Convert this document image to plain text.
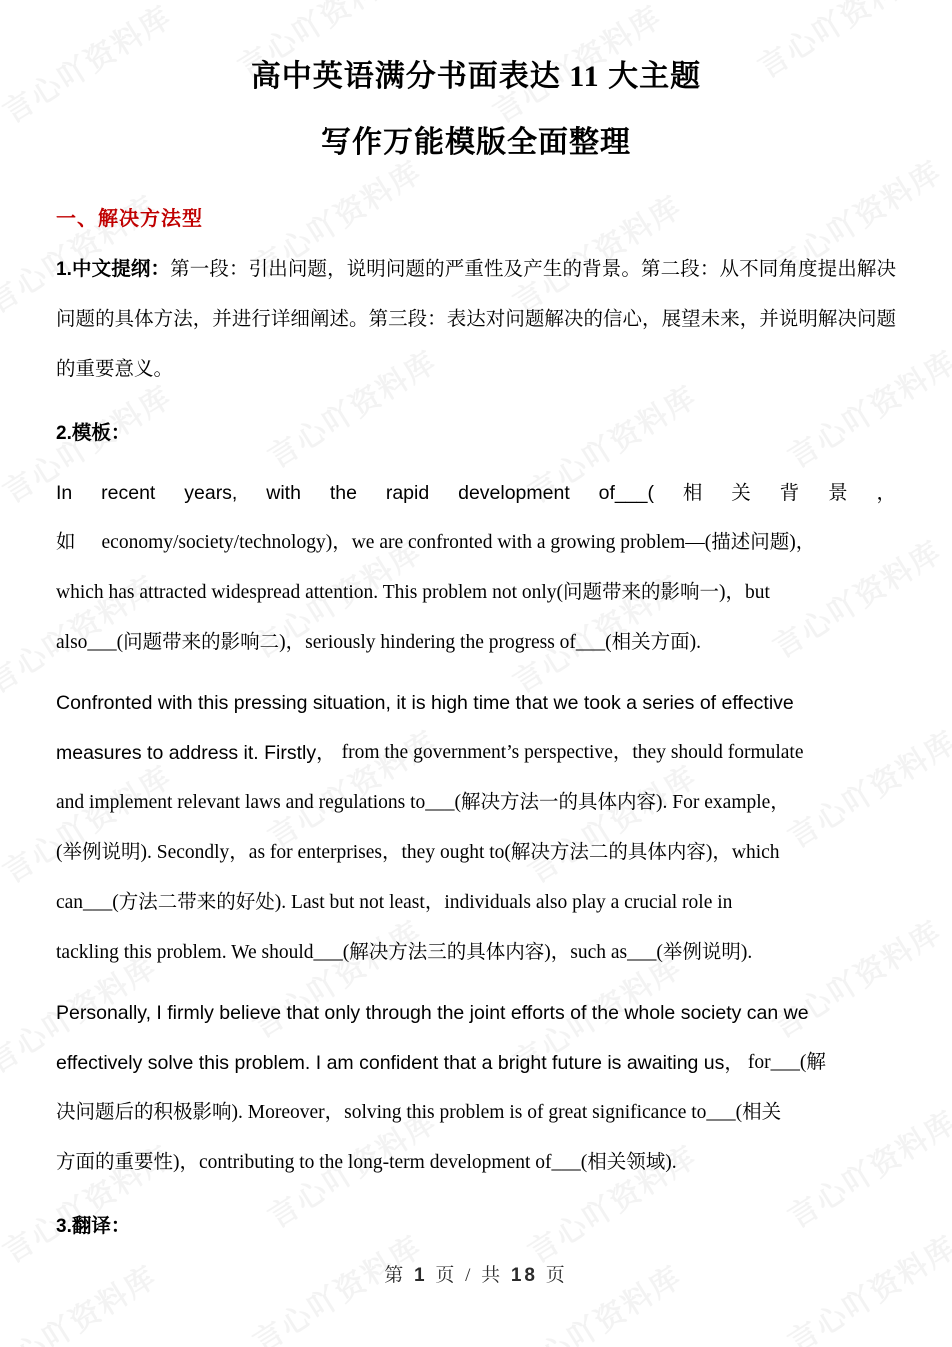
高中英语满分书面表达 11 大主题
写作万能模版全面整理
一、解决方法型

1.中文提纲：第一段：引出问题，说明问题的严重性及产生的背景。第二段：从不同角度提出解决问题的具体方法，并进行详细阐述。第三段：表达对问题解决的信心，展望未来，并说明解决问题的重要意义。

2.模板：

In recent years, with the rapid development of___( 相 关 背 景 ，
如 economy/society/technology)，we are confronted with a growing problem—(描述问题)，
which has attracted widespread attention. This problem not only(问题带来的影响一)，but
also___(问题带来的影响二)，seriously hindering the progress of___(相关方面).
Confronted with this pressing situation, it is high time that we took a series of effective
measures to address it. Firstly， from the government’s perspective，they should formulate
and implement relevant laws and regulations to___(解决方法一的具体内容). For example，
(举例说明). Secondly，as for enterprises，they ought to(解决方法二的具体内容)，which
can___(方法二带来的好处). Last but not least，individuals also play a crucial role in
tackling this problem. We should___(解决方法三的具体内容)，such as___(举例说明).
Personally, I firmly believe that only through the joint efforts of the whole society can we
effectively solve this problem. I am confident that a bright future is awaiting us， for___(解
决问题后的积极影响). Moreover，solving this problem is of great significance to___(相关
方面的重要性)，contributing to the long-term development of___(相关领域).

3.翻译：

第 1 页 / 共 18 页
